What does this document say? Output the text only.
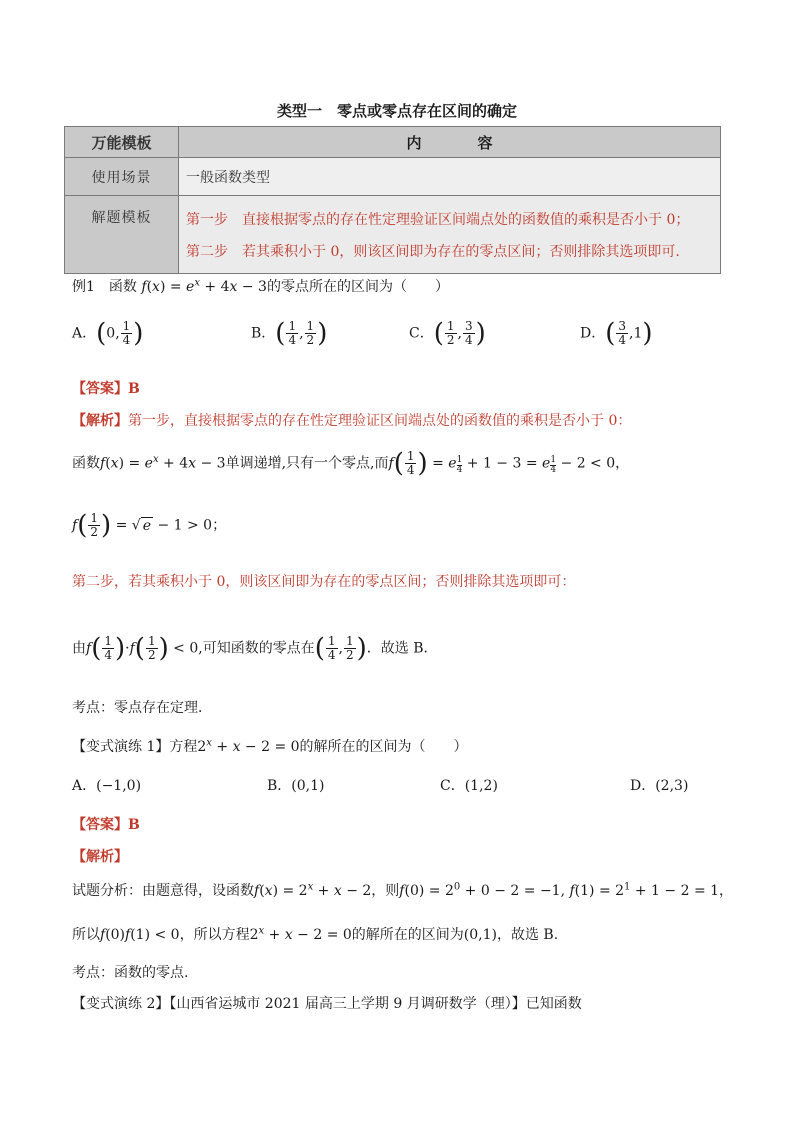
类型一　零点或零点存在区间的确定
万能模板	内容
使用场景	一般函数类型
解题模板	第一步　直接根据零点的存在性定理验证区间端点处的函数值的乘积是否小于 0；
第二步　若其乘积小于 0，则该区间即为存在的零点区间；否则排除其选项即可.
例1　函数 $f(x) = e^x + 4x - 3$的零点所在的区间为（　　）
A．(0, $\frac{1}{4}$ )	B．( $\frac{1}{4}$ , $\frac{1}{2}$ )	C．( $\frac{1}{2}$ , $\frac{3}{4}$ )	D．( $\frac{3}{4} ,1$)
【答案】B
【解析】第一步，直接根据零点的存在性定理验证区间端点处的函数值的乘积是否小于 0：
函数$f(x) = e^x + 4x - 3$单调递增,只有一个零点,而$f( \frac{1}{4}$ ) = e $\frac{1}{4} + 1 - 3 = e \frac{1}{4} - 2 < 0$，
$f( \frac{1}{2}$ ) = √ e − 1 > 0；
第二步，若其乘积小于 0，则该区间即为存在的零点区间；否则排除其选项即可：
由$f( \frac{1}{4} )\cdot f( \frac{1}{2}$ ) < 0,可知函数的零点在( $\frac{1}{4}$ , $\frac{1}{2}$ )．故选 B．
考点：零点存在定理．
【变式演练 1】方程$2^x + x - 2 = 0$的解所在的区间为（　　）
A．(−1,0)	B．(0,1)	C．(1,2)	D．(2,3)
【答案】B
【解析】
试题分析：由题意得，设函数$f(x) = 2^x + x - 2$，则$f(0) = 2^0 + 0 - 2 = -1$, $f(1) = 2^1 + 1 - 2 = 1$，
所以f(0)f(1) < 0，所以方程$2^x + x - 2 = 0$的解所在的区间为(0,1)，故选 B.
考点：函数的零点.
【变式演练 2】【山西省运城市 2021 届高三上学期 9 月调研数学（理）】已知函数
